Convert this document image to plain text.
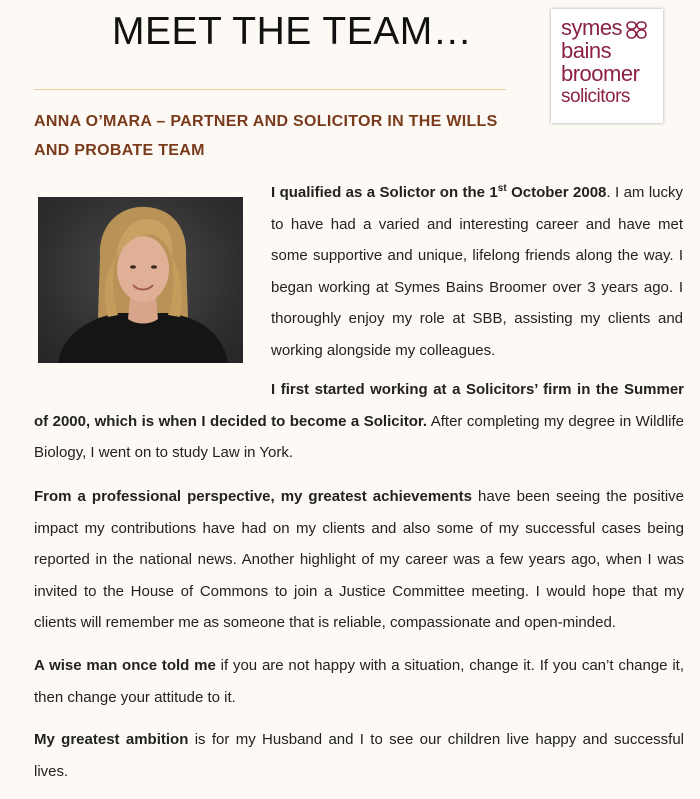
MEET THE TEAM…	symes
bains
broomer
solicitors
ANNA O’MARA – PARTNER AND SOLICITOR IN THE WILLS AND PROBATE TEAM
I qualified as a Solictor on the 1st October 2008. I am lucky to have had a varied and interesting career and have met some supportive and unique, lifelong friends along the way. I began working at Symes Bains Broomer over 3 years ago. I thoroughly enjoy my role at SBB, assisting my clients and working alongside my colleagues.
I first started working at a Solicitors’ firm in the Summer of 2000, which is when I decided to become a Solicitor. After completing my degree in Wildlife Biology, I went on to study Law in York.
From a professional perspective, my greatest achievements have been seeing the positive impact my contributions have had on my clients and also some of my successful cases being reported in the national news. Another highlight of my career was a few years ago, when I was invited to the House of Commons to join a Justice Committee meeting. I would hope that my clients will remember me as someone that is reliable, compassionate and open-minded.
A wise man once told me if you are not happy with a situation, change it. If you can’t change it, then change your attitude to it.
My greatest ambition is for my Husband and I to see our children live happy and successful lives.
